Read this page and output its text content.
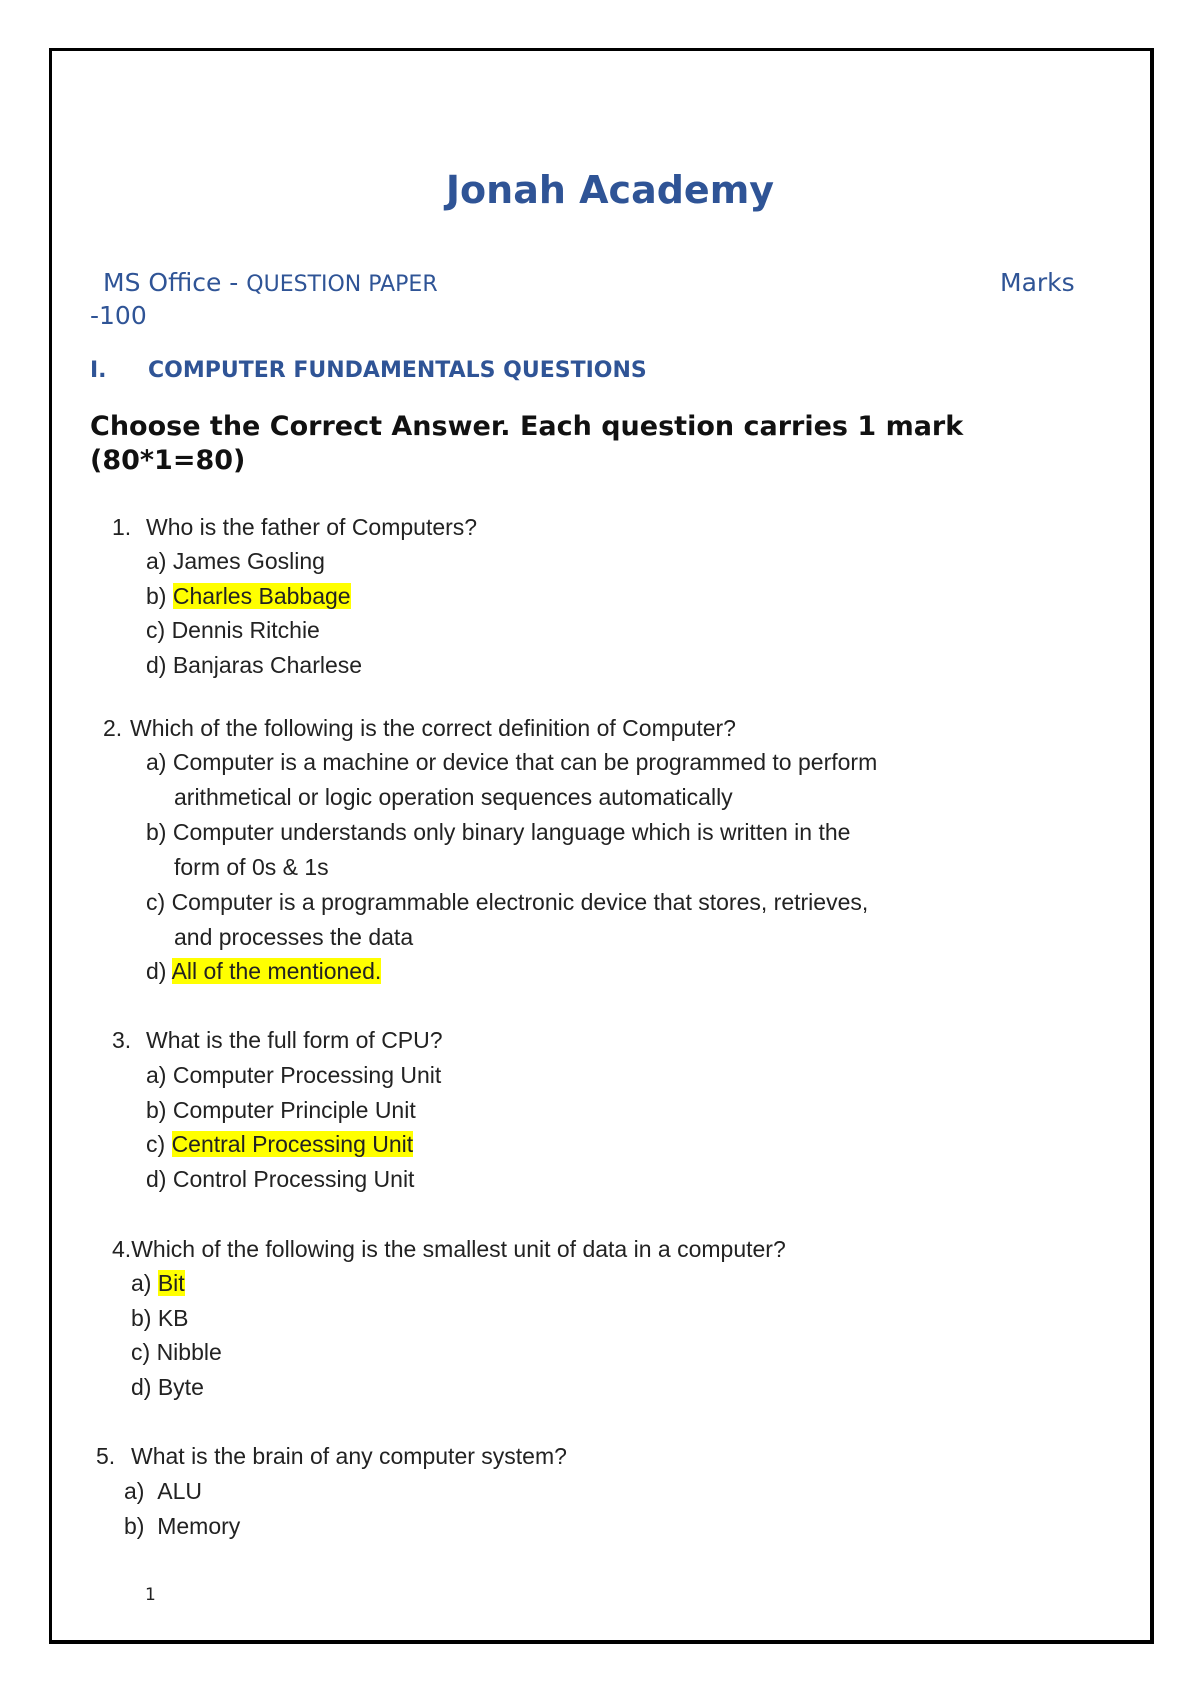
Jonah Academy
MS Office - QUESTION PAPER	Marks
-100
I. COMPUTER FUNDAMENTALS QUESTIONS
Choose the Correct Answer. Each question carries 1 mark
(80*1=80)
1. Who is the father of Computers?
a) James Gosling
b) Charles Babbage
c) Dennis Ritchie
d) Banjaras Charlese
2. Which of the following is the correct definition of Computer?
a) Computer is a machine or device that can be programmed to perform
arithmetical or logic operation sequences automatically
b) Computer understands only binary language which is written in the
form of 0s & 1s
c) Computer is a programmable electronic device that stores, retrieves,
and processes the data
d) All of the mentioned.
3. What is the full form of CPU?
a) Computer Processing Unit
b) Computer Principle Unit
c) Central Processing Unit
d) Control Processing Unit
4.Which of the following is the smallest unit of data in a computer?
a) Bit
b) KB
c) Nibble
d) Byte
5. What is the brain of any computer system?
a) ALU
b) Memory
1
